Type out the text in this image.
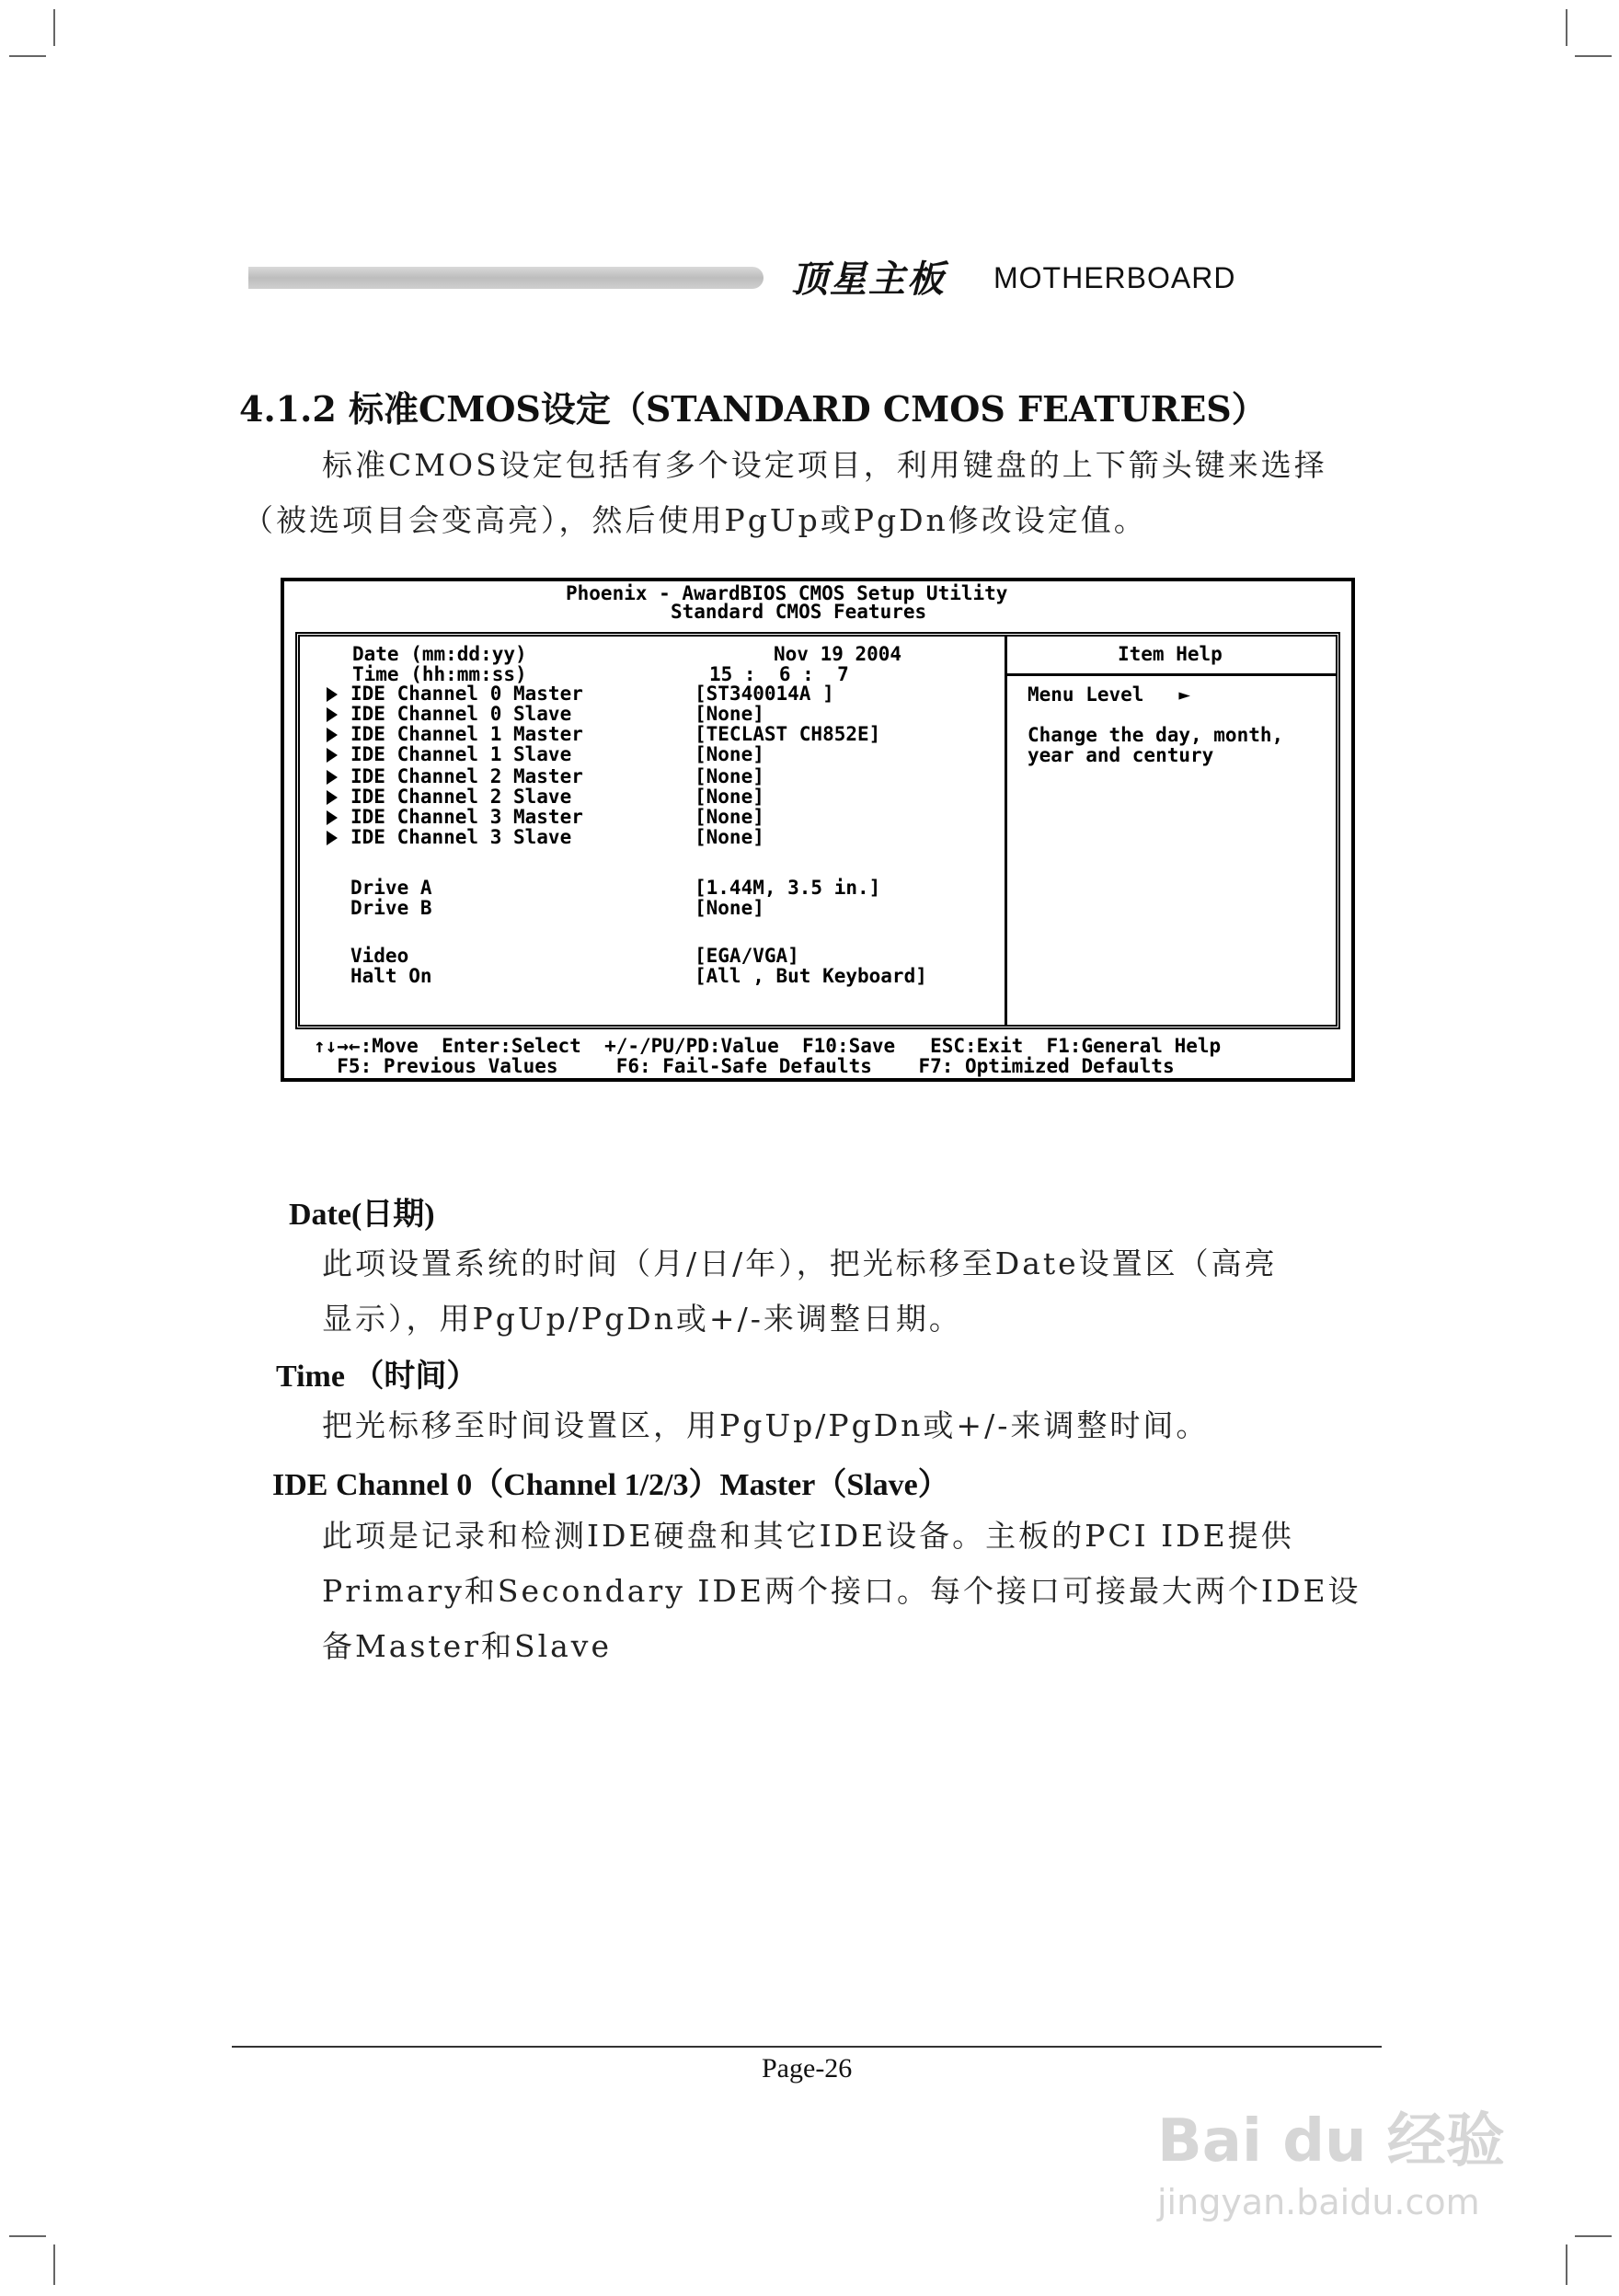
顶星主板 MOTHERBOARD
4.1.2 标准CMOS设定（STANDARD CMOS FEATURES）
标准CMOS设定包括有多个设定项目，利用键盘的上下箭头键来选择
（被选项目会变高亮），然后使用PgUp或PgDn修改设定值。
Phoenix - AwardBIOS CMOS Setup Utility
Standard CMOS Features
Date (mm:dd:yy)	Nov 19 2004
Time (hh:mm:ss)	15 :  6 :  7
IDE Channel 0 Master	[ST340014A ]
IDE Channel 0 Slave	[None]
IDE Channel 1 Master	[TECLAST CH852E]
IDE Channel 1 Slave	[None]
IDE Channel 2 Master	[None]
IDE Channel 2 Slave	[None]
IDE Channel 3 Master	[None]
IDE Channel 3 Slave	[None]
Drive A	[1.44M, 3.5 in.]
Drive B	[None]
Video	[EGA/VGA]
Halt On	[All , But Keyboard]
Item Help
Menu Level   ►
Change the day, month,
year and century
↑↓→←:Move  Enter:Select  +/-/PU/PD:Value  F10:Save   ESC:Exit  F1:General Help
F5: Previous Values     F6: Fail-Safe Defaults    F7: Optimized Defaults
Date(日期)
此项设置系统的时间（月/日/年），把光标移至Date设置区（高亮
显示），用PgUp/PgDn或+/-来调整日期。
Time （时间）
把光标移至时间设置区，用PgUp/PgDn或+/-来调整时间。
IDE Channel 0（Channel 1/2/3）Master（Slave）
此项是记录和检测IDE硬盘和其它IDE设备。主板的PCI IDE提供
Primary和Secondary IDE两个接口。每个接口可接最大两个IDE设
备Master和Slave
Page-26
Bai du 经验
jingyan.baidu.com
